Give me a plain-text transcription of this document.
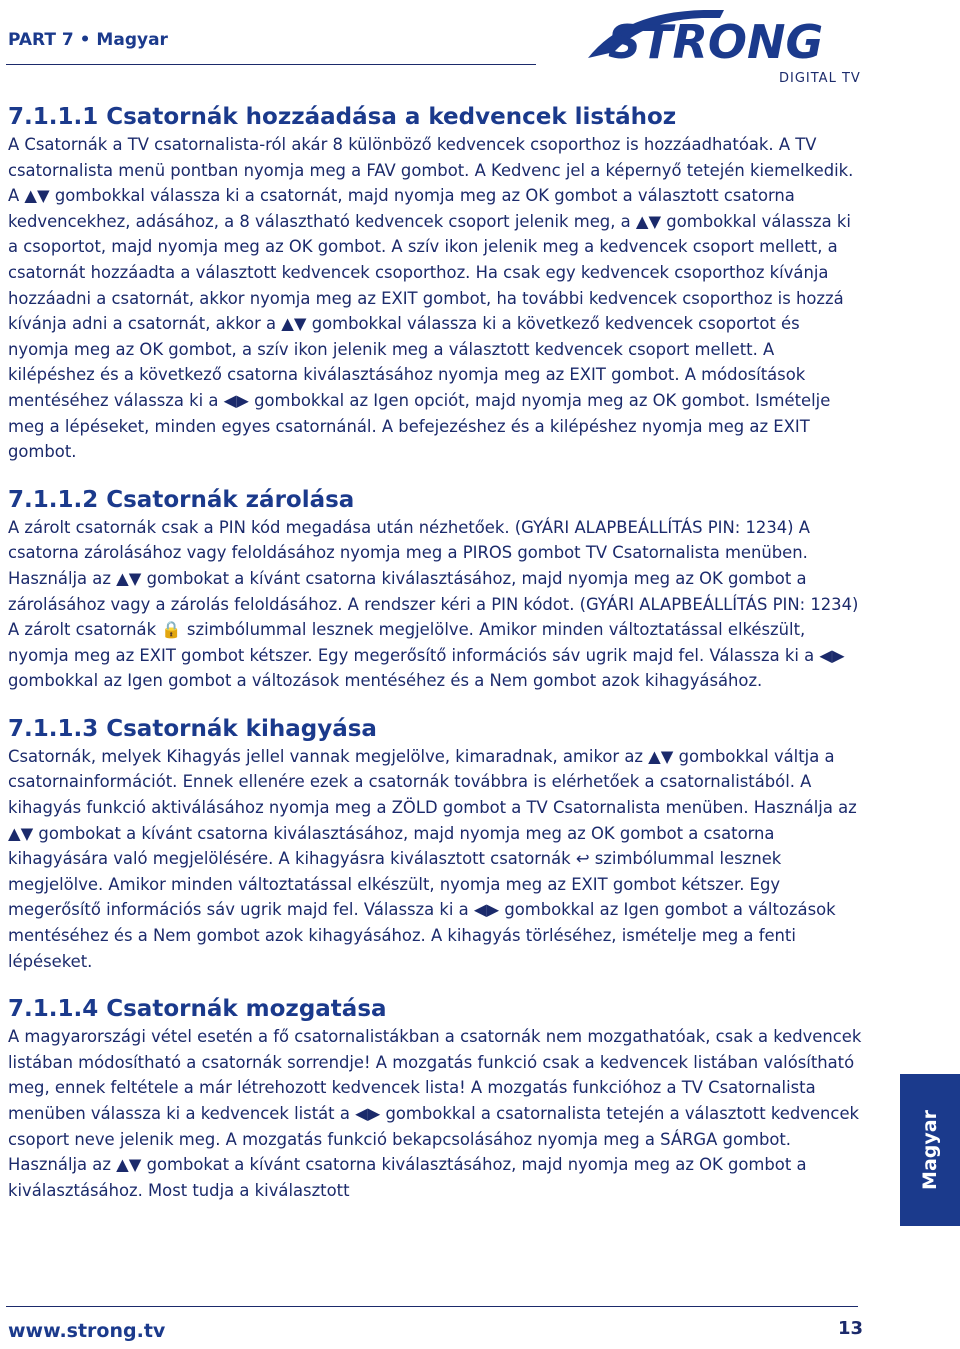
PART 7 • Magyar	STRONG
DIGITAL TV
7.1.1.1 Csatornák hozzáadása a kedvencek listához

A Csatornák a TV csatornalista-ról akár 8 különböző kedvencek csoporthoz is hozzáadhatóak. A TV csatornalista menü pontban nyomja meg a FAV gombot. A Kedvenc jel a képernyő tetején kiemelkedik. A ▲▼ gombokkal válassza ki a csatornát, majd nyomja meg az OK gombot a választott csatorna kedvencekhez, adásához, a 8 választható kedvencek csoport jelenik meg, a ▲▼ gombokkal válassza ki a csoportot, majd nyomja meg az OK gombot. A szív ikon jelenik meg a kedvencek csoport mellett, a csatornát hozzáadta a választott kedvencek csoporthoz. Ha csak egy kedvencek csoporthoz kívánja hozzáadni a csatornát, akkor nyomja meg az EXIT gombot, ha további kedvencek csoporthoz is hozzá kívánja adni a csatornát, akkor a ▲▼ gombokkal válassza ki a következő kedvencek csoportot és nyomja meg az OK gombot, a szív ikon jelenik meg a választott kedvencek csoport mellett. A kilépéshez és a következő csatorna kiválasztásához nyomja meg az EXIT gombot. A módosítások mentéséhez válassza ki a ◀▶ gombokkal az Igen opciót, majd nyomja meg az OK gombot. Ismételje meg a lépéseket, minden egyes csatornánál. A befejezéshez és a kilépéshez nyomja meg az EXIT gombot.

7.1.1.2 Csatornák zárolása

A zárolt csatornák csak a PIN kód megadása után nézhetőek. (GYÁRI ALAPBEÁLLÍTÁS PIN: 1234) A csatorna zárolásához vagy feloldásához nyomja meg a PIROS gombot TV Csatornalista menüben. Használja az ▲▼ gombokat a kívánt csatorna kiválasztásához, majd nyomja meg az OK gombot a zárolásához vagy a zárolás feloldásához. A rendszer kéri a PIN kódot. (GYÁRI ALAPBEÁLLÍTÁS PIN: 1234) A zárolt csatornák 🔒 szimbólummal lesznek megjelölve. Amikor minden változtatással elkészült, nyomja meg az EXIT gombot kétszer. Egy megerősítő információs sáv ugrik majd fel. Válassza ki a ◀▶ gombokkal az Igen gombot a változások mentéséhez és a Nem gombot azok kihagyásához.

7.1.1.3 Csatornák kihagyása

Csatornák, melyek Kihagyás jellel vannak megjelölve, kimaradnak, amikor az ▲▼ gombokkal váltja a csatornainformációt. Ennek ellenére ezek a csatornák továbbra is elérhetőek a csatornalistából. A kihagyás funkció aktiválásához nyomja meg a ZÖLD gombot a TV Csatornalista menüben. Használja az ▲▼ gombokat a kívánt csatorna kiválasztásához, majd nyomja meg az OK gombot a csatorna kihagyására való megjelölésére. A kihagyásra kiválasztott csatornák ↩ szimbólummal lesznek megjelölve. Amikor minden változtatással elkészült, nyomja meg az EXIT gombot kétszer. Egy megerősítő információs sáv ugrik majd fel. Válassza ki a ◀▶ gombokkal az Igen gombot a változások mentéséhez és a Nem gombot azok kihagyásához. A kihagyás törléséhez, ismételje meg a fenti lépéseket.

7.1.1.4 Csatornák mozgatása

A magyarországi vétel esetén a fő csatornalistákban a csatornák nem mozgathatóak, csak a kedvencek listában módosítható a csatornák sorrendje! A mozgatás funkció csak a kedvencek listában valósítható meg, ennek feltétele a már létrehozott kedvencek lista! A mozgatás funkcióhoz a TV Csatornalista menüben válassza ki a kedvencek listát a ◀▶ gombokkal a csatornalista tetején a választott kedvencek csoport neve jelenik meg. A mozgatás funkció bekapcsolásához nyomja meg a SÁRGA gombot. Használja az ▲▼ gombokat a kívánt csatorna kiválasztásához, majd nyomja meg az OK gombot a kiválasztásához. Most tudja a kiválasztott

Magyar
www.strong.tv	13
